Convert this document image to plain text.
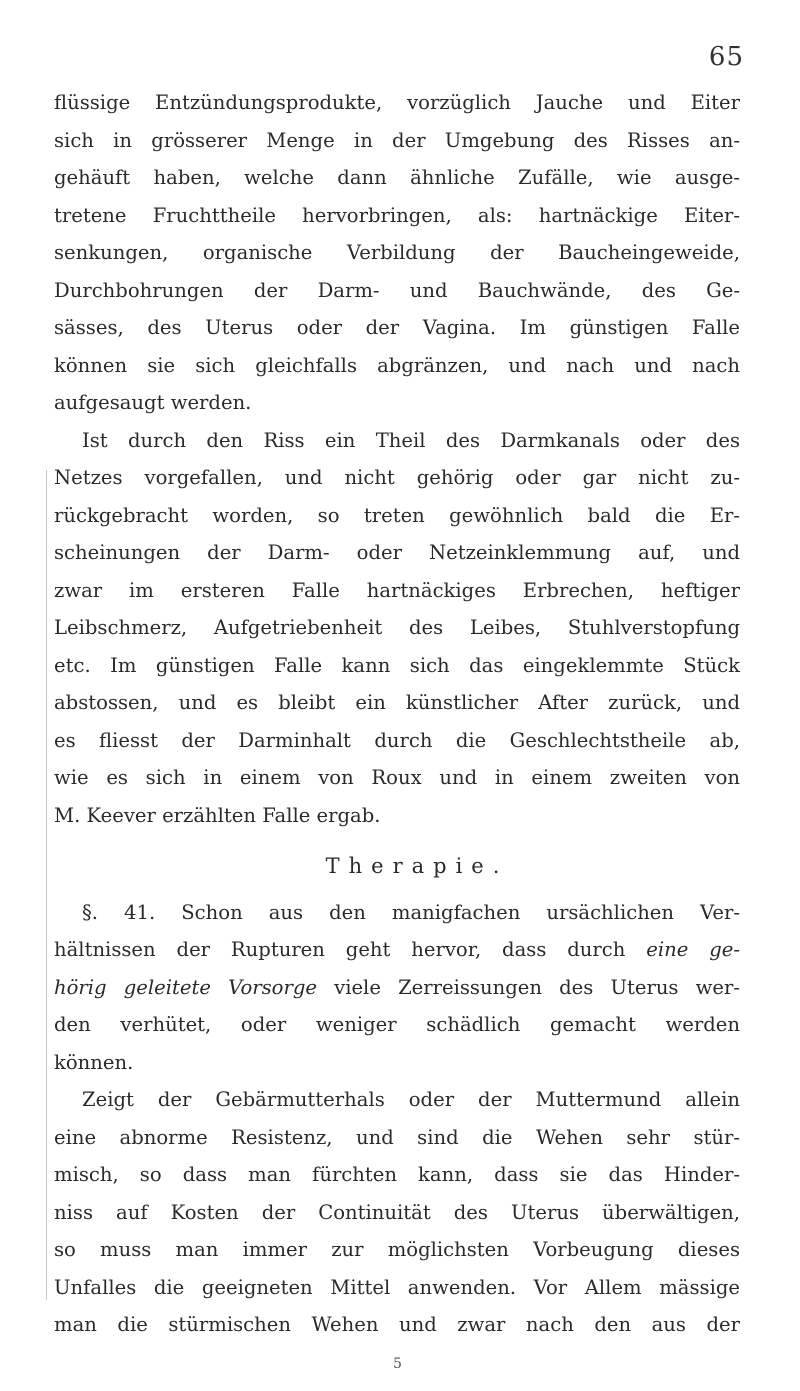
65
flüssige Entzündungsprodukte, vorzüglich Jauche und Eiter
sich in grösserer Menge in der Umgebung des Risses an-
gehäuft haben, welche dann ähnliche Zufälle, wie ausge-
tretene Fruchttheile hervorbringen, als: hartnäckige Eiter-
senkungen, organische Verbildung der Baucheingeweide,
Durchbohrungen der Darm- und Bauchwände, des Ge-
sässes, des Uterus oder der Vagina. Im günstigen Falle
können sie sich gleichfalls abgränzen, und nach und nach
aufgesaugt werden.
Ist durch den Riss ein Theil des Darmkanals oder des
Netzes vorgefallen, und nicht gehörig oder gar nicht zu-
rückgebracht worden, so treten gewöhnlich bald die Er-
scheinungen der Darm- oder Netzeinklemmung auf, und
zwar im ersteren Falle hartnäckiges Erbrechen, heftiger
Leibschmerz, Aufgetriebenheit des Leibes, Stuhlverstopfung
etc. Im günstigen Falle kann sich das eingeklemmte Stück
abstossen, und es bleibt ein künstlicher After zurück, und
es fliesst der Darminhalt durch die Geschlechtstheile ab,
wie es sich in einem von Roux und in einem zweiten von
M. Keever erzählten Falle ergab.
Therapie.
§. 41. Schon aus den manigfachen ursächlichen Ver-
hältnissen der Rupturen geht hervor, dass durch eine ge-
hörig geleitete Vorsorge viele Zerreissungen des Uterus wer-
den verhütet, oder weniger schädlich gemacht werden
können.
Zeigt der Gebärmutterhals oder der Muttermund allein
eine abnorme Resistenz, und sind die Wehen sehr stür-
misch, so dass man fürchten kann, dass sie das Hinder-
niss auf Kosten der Continuität des Uterus überwältigen,
so muss man immer zur möglichsten Vorbeugung dieses
Unfalles die geeigneten Mittel anwenden. Vor Allem mässige
man die stürmischen Wehen und zwar nach den aus der
5
